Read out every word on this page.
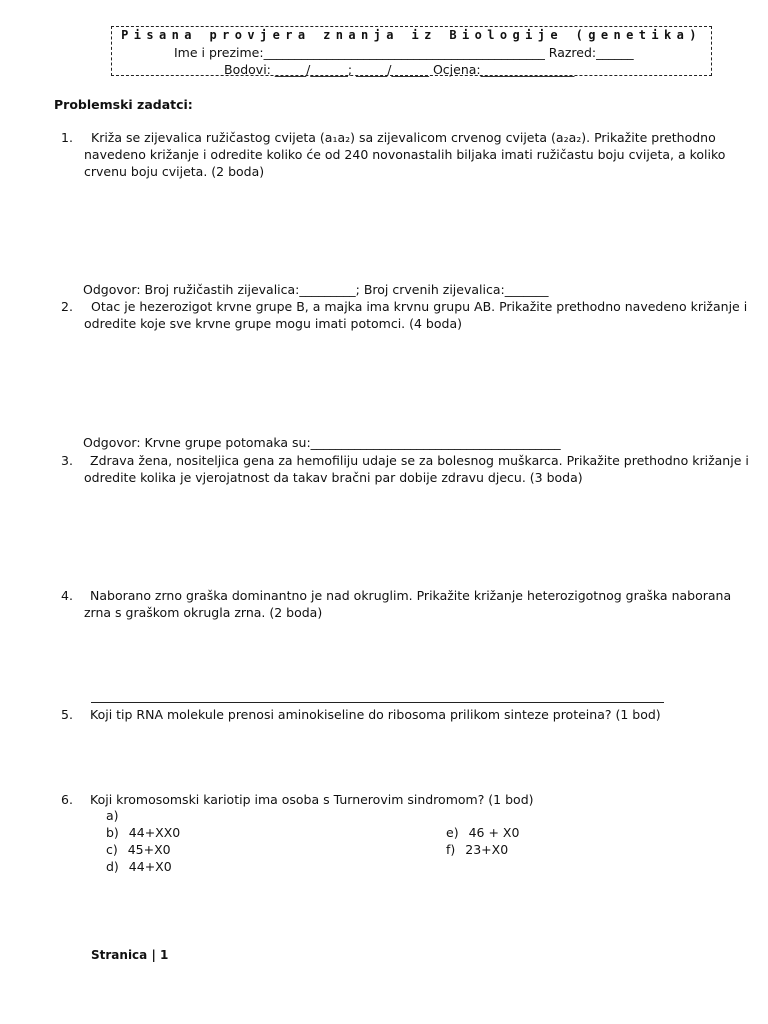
Pisana provjera znanja iz Biologije (genetika)
Ime i prezime:_____________________________________________ Razred:______
Bodovi: _____/______; _____/______ Ocjena:_______________
Problemski zadatci:
1. Križa se zijevalica ružičastog cvijeta (a₁a₂) sa zijevalicom crvenog cvijeta (a₂a₂). Prikažite prethodno
navedeno križanje i odredite koliko će od 240 novonastalih biljaka imati ružičastu boju cvijeta, a koliko
crvenu boju cvijeta. (2 boda)
Odgovor: Broj ružičastih zijevalica:_________; Broj crvenih zijevalica:_______
2. Otac je hezerozigot krvne grupe B, a majka ima krvnu grupu AB. Prikažite prethodno navedeno križanje i
odredite koje sve krvne grupe mogu imati potomci. (4 boda)
Odgovor: Krvne grupe potomaka su:________________________________________
3. Zdrava žena, nositeljica gena za hemofiliju udaje se za bolesnog muškarca. Prikažite prethodno križanje i
odredite kolika je vjerojatnost da takav bračni par dobije zdravu djecu. (3 boda)
4. Naborano zrno graška dominantno je nad okruglim. Prikažite križanje heterozigotnog graška naborana
zrna s graškom okrugla zrna. (2 boda)
5. Koji tip RNA molekule prenosi aminokiseline do ribosoma prilikom sinteze proteina? (1 bod)
6. Koji kromosomski kariotip ima osoba s Turnerovim sindromom? (1 bod)
a)
b) 44+XX0
c) 45+X0
d) 44+X0
e) 46 + X0
f) 23+X0
Stranica | 1
